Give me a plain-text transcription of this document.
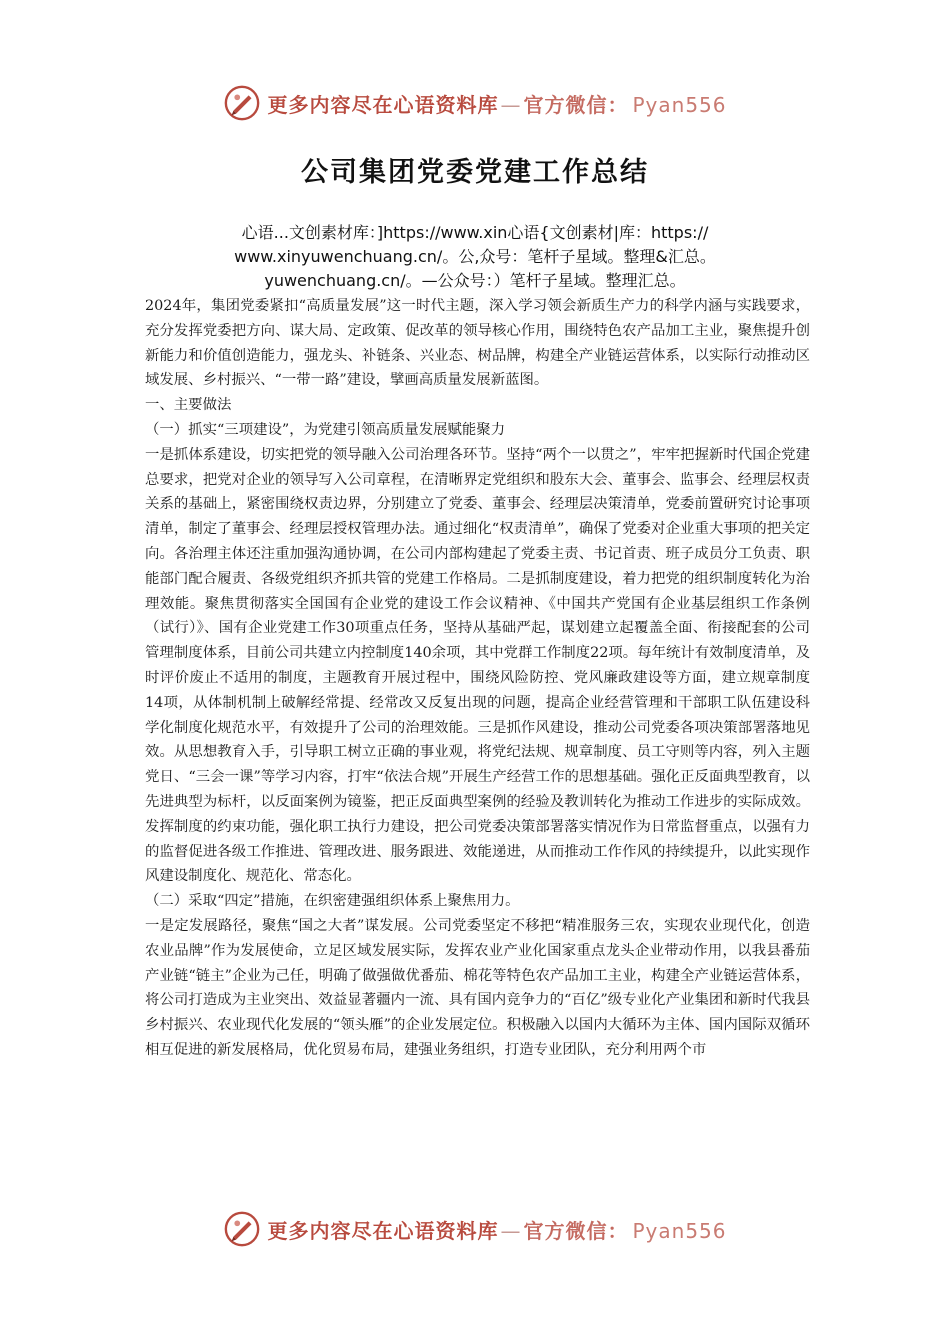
更多内容尽在心语资料库 — 官方微信： Pyan556
公司集团党委党建工作总结
心语...文创素材库：]https://www.xin心语{文创素材|库：https://
www.xinyuwenchuang.cn/。公,众号：笔杆子星域。整理&汇总。
yuwenchuang.cn/。—公众号：）笔杆子星域。整理汇总。

2024年，集团党委紧扣“高质量发展”这一时代主题，深入学习领会新质生产力的科学内涵与实践要求，充分发挥党委把方向、谋大局、定政策、促改革的领导核心作用，围绕特色农产品加工主业，聚焦提升创新能力和价值创造能力，强龙头、补链条、兴业态、树品牌，构建全产业链运营体系，以实际行动推动区域发展、乡村振兴、“一带一路”建设，擘画高质量发展新蓝图。

一、主要做法

（一）抓实“三项建设”，为党建引领高质量发展赋能聚力

一是抓体系建设，切实把党的领导融入公司治理各环节。坚持“两个一以贯之”，牢牢把握新时代国企党建总要求，把党对企业的领导写入公司章程，在清晰界定党组织和股东大会、董事会、监事会、经理层权责关系的基础上，紧密围绕权责边界，分别建立了党委、董事会、经理层决策清单，党委前置研究讨论事项清单，制定了董事会、经理层授权管理办法。通过细化“权责清单”，确保了党委对企业重大事项的把关定向。各治理主体还注重加强沟通协调，在公司内部构建起了党委主责、书记首责、班子成员分工负责、职能部门配合履责、各级党组织齐抓共管的党建工作格局。二是抓制度建设，着力把党的组织制度转化为治理效能。聚焦贯彻落实全国国有企业党的建设工作会议精神、《中国共产党国有企业基层组织工作条例（试行）》、国有企业党建工作30项重点任务，坚持从基础严起，谋划建立起覆盖全面、衔接配套的公司管理制度体系，目前公司共建立内控制度140余项，其中党群工作制度22项。每年统计有效制度清单，及时评价废止不适用的制度，主题教育开展过程中，围绕风险防控、党风廉政建设等方面，建立规章制度14项，从体制机制上破解经常提、经常改又反复出现的问题，提高企业经营管理和干部职工队伍建设科学化制度化规范水平，有效提升了公司的治理效能。三是抓作风建设，推动公司党委各项决策部署落地见效。从思想教育入手，引导职工树立正确的事业观，将党纪法规、规章制度、员工守则等内容，列入主题党日、“三会一课”等学习内容，打牢“依法合规”开展生产经营工作的思想基础。强化正反面典型教育，以先进典型为标杆，以反面案例为镜鉴，把正反面典型案例的经验及教训转化为推动工作进步的实际成效。发挥制度的约束功能，强化职工执行力建设，把公司党委决策部署落实情况作为日常监督重点，以强有力的监督促进各级工作推进、管理改进、服务跟进、效能递进，从而推动工作作风的持续提升，以此实现作风建设制度化、规范化、常态化。

（二）采取“四定”措施，在织密建强组织体系上聚焦用力。

一是定发展路径，聚焦“国之大者”谋发展。公司党委坚定不移把“精准服务三农，实现农业现代化，创造农业品牌”作为发展使命，立足区域发展实际，发挥农业产业化国家重点龙头企业带动作用，以我县番茄产业链“链主”企业为己任，明确了做强做优番茄、棉花等特色农产品加工主业，构建全产业链运营体系，将公司打造成为主业突出、效益显著疆内一流、具有国内竞争力的“百亿”级专业化产业集团和新时代我县乡村振兴、农业现代化发展的“领头雁”的企业发展定位。积极融入以国内大循环为主体、国内国际双循环相互促进的新发展格局，优化贸易布局，建强业务组织，打造专业团队，充分利用两个市

更多内容尽在心语资料库 — 官方微信： Pyan556
